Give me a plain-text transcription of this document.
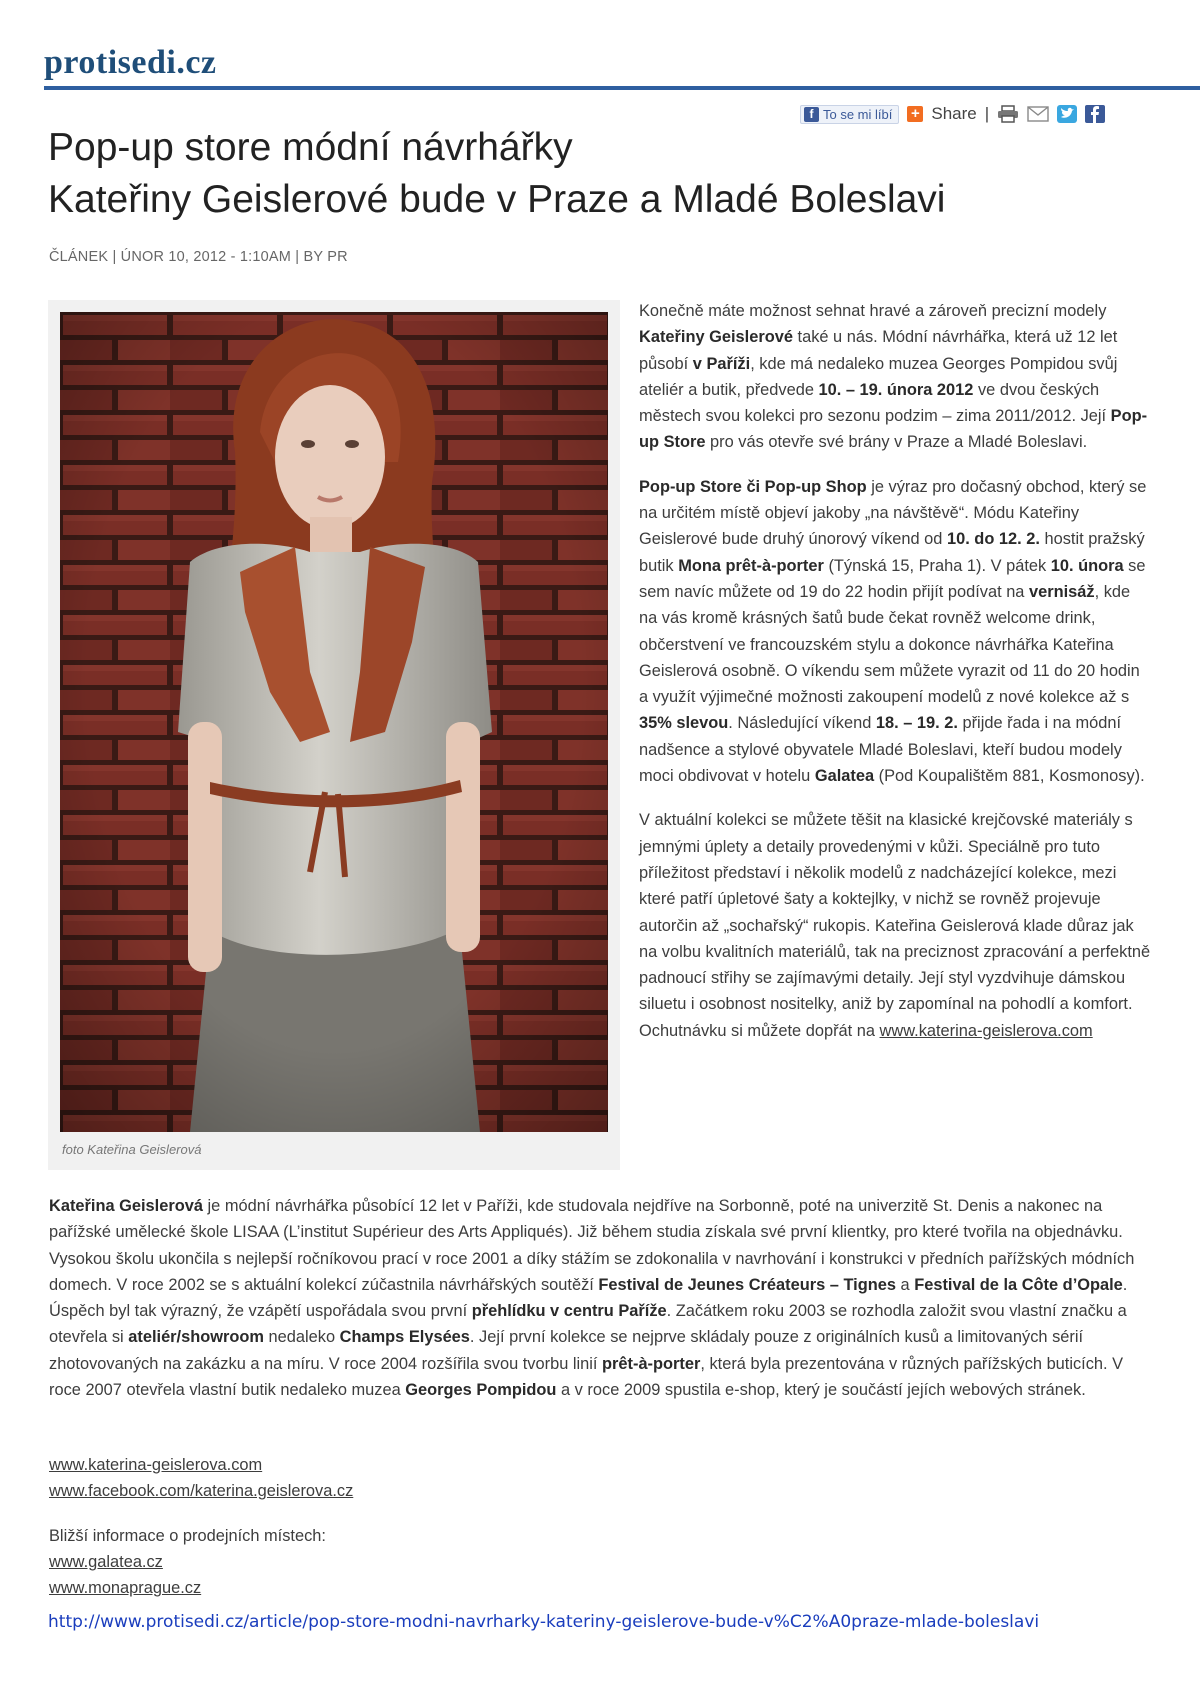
protisedi.cz
f To se mi líbí + Share |
Pop-up store módní návrhářky
Kateřiny Geislerové bude v Praze a Mladé Boleslavi
ČLÁNEK | ÚNOR 10, 2012 - 1:10AM | BY PR
foto Kateřina Geislerová

Konečně máte možnost sehnat hravé a zároveň precizní modely Kateřiny Geislerové také u nás. Módní návrhářka, která už 12 let působí v Paříži, kde má nedaleko muzea Georges Pompidou svůj ateliér a butik, předvede 10. – 19. února 2012 ve dvou českých městech svou kolekci pro sezonu podzim – zima 2011/2012. Její Pop-up Store pro vás otevře své brány v Praze a Mladé Boleslavi.

Pop-up Store či Pop-up Shop je výraz pro dočasný obchod, který se na určitém místě objeví jakoby „na návštěvě“. Módu Kateřiny Geislerové bude druhý únorový víkend od 10. do 12. 2. hostit pražský butik Mona prêt-à-porter (Týnská 15, Praha 1). V pátek 10. února se sem navíc můžete od 19 do 22 hodin přijít podívat na vernisáž, kde na vás kromě krásných šatů bude čekat rovněž welcome drink, občerstvení ve francouzském stylu a dokonce návrhářka Kateřina Geislerová osobně. O víkendu sem můžete vyrazit od 11 do 20 hodin a využít výjimečné možnosti zakoupení modelů z nové kolekce až s 35% slevou. Následující víkend 18. – 19. 2. přijde řada i na módní nadšence a stylové obyvatele Mladé Boleslavi, kteří budou modely moci obdivovat v hotelu Galatea (Pod Koupalištěm 881, Kosmonosy).

V aktuální kolekci se můžete těšit na klasické krejčovské materiály s jemnými úplety a detaily provedenými v kůži. Speciálně pro tuto příležitost představí i několik modelů z nadcházející kolekce, mezi které patří úpletové šaty a koktejlky, v nichž se rovněž projevuje autorčin až „sochařský“ rukopis. Kateřina Geislerová klade důraz jak na volbu kvalitních materiálů, tak na preciznost zpracování a perfektně padnoucí střihy se zajímavými detaily. Její styl vyzdvihuje dámskou siluetu i osobnost nositelky, aniž by zapomínal na pohodlí a komfort. Ochutnávku si můžete dopřát na www.katerina-geislerova.com

Kateřina Geislerová je módní návrhářka působící 12 let v Paříži, kde studovala nejdříve na Sorbonně, poté na univerzitě St. Denis a nakonec na pařížské umělecké škole LISAA (L’institut Supérieur des Arts Appliqués). Již během studia získala své první klientky, pro které tvořila na objednávku. Vysokou školu ukončila s nejlepší ročníkovou prací v roce 2001 a díky stážím se zdokonalila v navrhování i konstrukci v předních pařížských módních domech. V roce 2002 se s aktuální kolekcí zúčastnila návrhářských soutěží Festival de Jeunes Créateurs – Tignes a Festival de la Côte d’Opale. Úspěch byl tak výrazný, že vzápětí uspořádala svou první přehlídku v centru Paříže. Začátkem roku 2003 se rozhodla založit svou vlastní značku a otevřela si ateliér/showroom nedaleko Champs Elysées. Její první kolekce se nejprve skládaly pouze z originálních kusů a limitovaných sérií zhotovovaných na zakázku a na míru. V roce 2004 rozšířila svou tvorbu linií prêt-à-porter, která byla prezentována v různých pařížských buticích. V roce 2007 otevřela vlastní butik nedaleko muzea Georges Pompidou a v roce 2009 spustila e-shop, který je součástí jejích webových stránek.

www.katerina-geislerova.com
www.facebook.com/katerina.geislerova.cz
Bližší informace o prodejních místech:
www.galatea.cz
www.monaprague.cz
http://www.protisedi.cz/article/pop-store-modni-navrharky-kateriny-geislerove-bude-v%C2%A0praze-mlade-boleslavi
